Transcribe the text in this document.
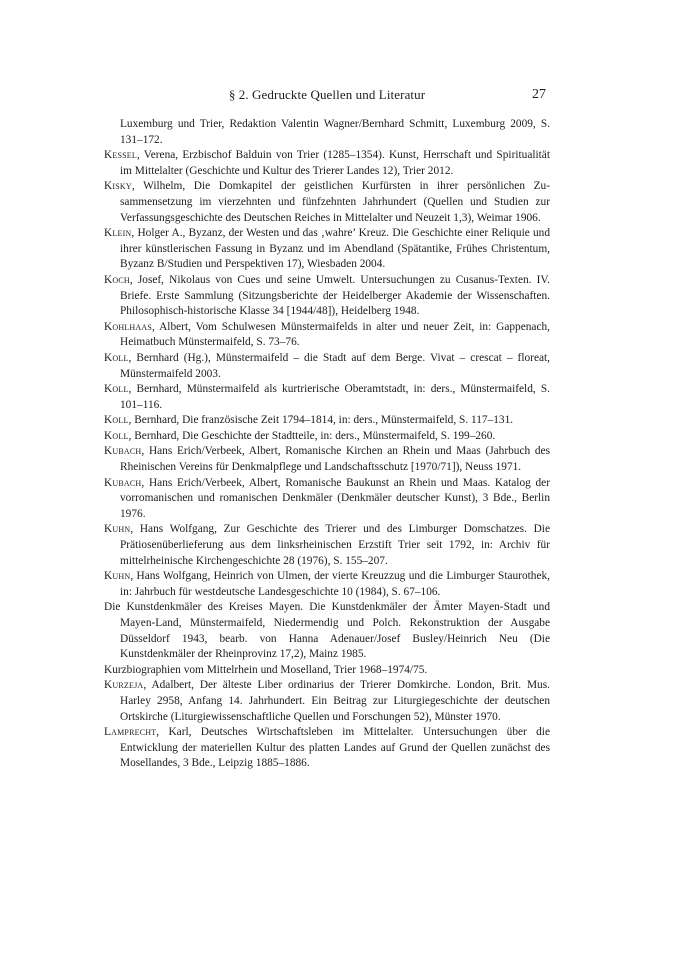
§ 2. Gedruckte Quellen und Literatur	27
Luxemburg und Trier, Redaktion Valentin Wagner/Bernhard Schmitt, Luxemburg 2009, S. 131–172.
Kessel, Verena, Erzbischof Balduin von Trier (1285–1354). Kunst, Herrschaft und Spiritualität im Mittelalter (Geschichte und Kultur des Trierer Landes 12), Trier 2012.
Kisky, Wilhelm, Die Domkapitel der geistlichen Kurfürsten in ihrer persönlichen Zusammensetzung im vierzehnten und fünfzehnten Jahrhundert (Quellen und Studien zur Verfassungsgeschichte des Deutschen Reiches in Mittelalter und Neuzeit 1,3), Weimar 1906.
Klein, Holger A., Byzanz, der Westen und das ‚wahre’ Kreuz. Die Geschichte einer Reliquie und ihrer künstlerischen Fassung in Byzanz und im Abendland (Spätantike, Frühes Christentum, Byzanz B/Studien und Perspektiven 17), Wiesbaden 2004.
Koch, Josef, Nikolaus von Cues und seine Umwelt. Untersuchungen zu Cusanus-Texten. IV. Briefe. Erste Sammlung (Sitzungsberichte der Heidelberger Akademie der Wissenschaften. Philosophisch-historische Klasse 34 [1944/48]), Heidelberg 1948.
Kohlhaas, Albert, Vom Schulwesen Münstermaifelds in alter und neuer Zeit, in: Gappenach, Heimatbuch Münstermaifeld, S. 73–76.
Koll, Bernhard (Hg.), Münstermaifeld – die Stadt auf dem Berge. Vivat – crescat – floreat, Münstermaifeld 2003.
Koll, Bernhard, Münstermaifeld als kurtrierische Oberamtstadt, in: ders., Münstermaifeld, S. 101–116.
Koll, Bernhard, Die französische Zeit 1794–1814, in: ders., Münstermaifeld, S. 117–131.
Koll, Bernhard, Die Geschichte der Stadtteile, in: ders., Münstermaifeld, S. 199–260.
Kubach, Hans Erich/Verbeek, Albert, Romanische Kirchen an Rhein und Maas (Jahrbuch des Rheinischen Vereins für Denkmalpflege und Landschaftsschutz [1970/71]), Neuss 1971.
Kubach, Hans Erich/Verbeek, Albert, Romanische Baukunst an Rhein und Maas. Katalog der vorromanischen und romanischen Denkmäler (Denkmäler deutscher Kunst), 3 Bde., Berlin 1976.
Kuhn, Hans Wolfgang, Zur Geschichte des Trierer und des Limburger Domschatzes. Die Prätiosenüberlieferung aus dem linksrheinischen Erzstift Trier seit 1792, in: Archiv für mittelrheinische Kirchengeschichte 28 (1976), S. 155–207.
Kuhn, Hans Wolfgang, Heinrich von Ulmen, der vierte Kreuzzug und die Limburger Staurothek, in: Jahrbuch für westdeutsche Landesgeschichte 10 (1984), S. 67–106.
Die Kunstdenkmäler des Kreises Mayen. Die Kunstdenkmäler der Ämter Mayen-Stadt und Mayen-Land, Münstermaifeld, Niedermendig und Polch. Rekonstruktion der Ausgabe Düsseldorf 1943, bearb. von Hanna Adenauer/Josef Busley/Heinrich Neu (Die Kunstdenkmäler der Rheinprovinz 17,2), Mainz 1985.
Kurzbiographien vom Mittelrhein und Moselland, Trier 1968–1974/75.
Kurzeja, Adalbert, Der älteste Liber ordinarius der Trierer Domkirche. London, Brit. Mus. Harley 2958, Anfang 14. Jahrhundert. Ein Beitrag zur Liturgiegeschichte der deutschen Ortskirche (Liturgiewissenschaftliche Quellen und Forschungen 52), Münster 1970.
Lamprecht, Karl, Deutsches Wirtschaftsleben im Mittelalter. Untersuchungen über die Entwicklung der materiellen Kultur des platten Landes auf Grund der Quellen zunächst des Mosellandes, 3 Bde., Leipzig 1885–1886.
